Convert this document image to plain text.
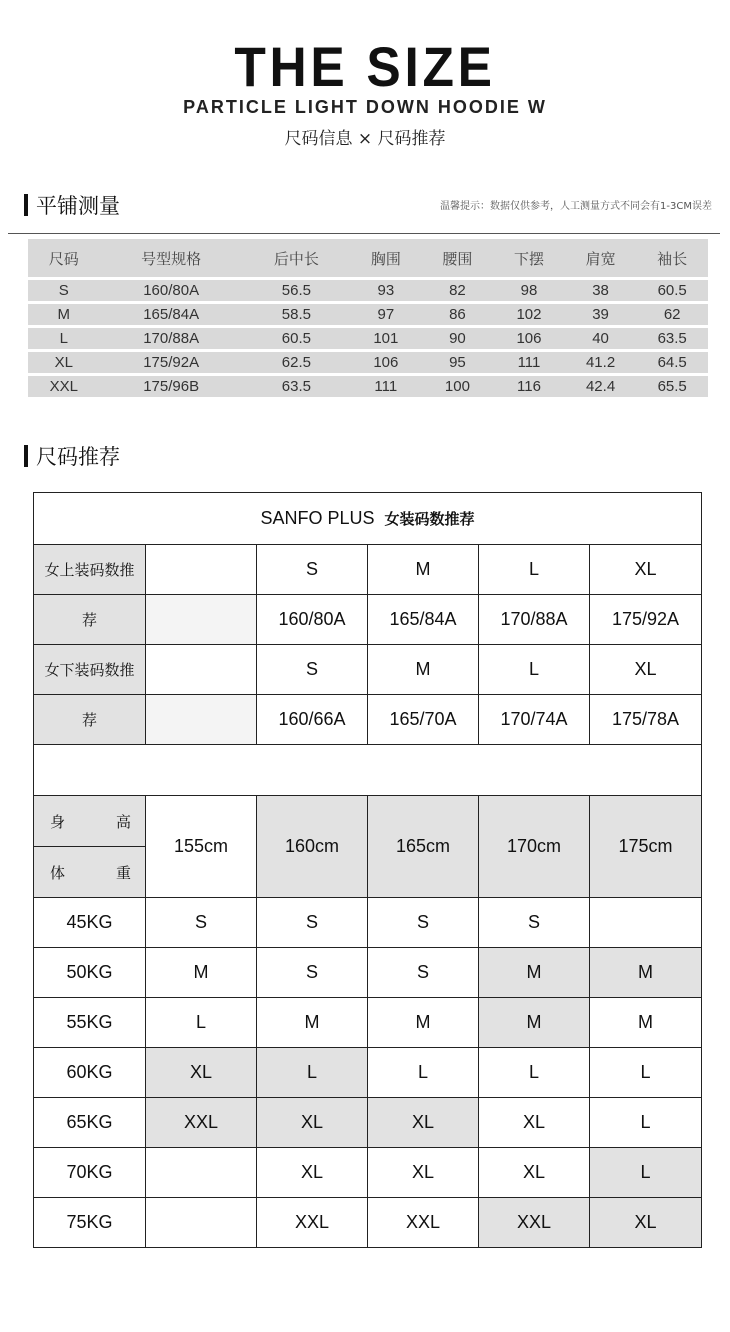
THE SIZE
PARTICLE LIGHT DOWN HOODIE W
尺码信息 × 尺码推荐
平铺测量	温馨提示：数据仅供参考，人工测量方式不同会有1-3CM误差
尺码	号型规格	后中长	胸围	腰围	下摆	肩宽	袖长
S	160/80A	56.5	93	82	98	38	60.5
M	165/84A	58.5	97	86	102	39	62
L	170/88A	60.5	101	90	106	40	63.5
XL	175/92A	62.5	106	95	111	41.2	64.5
XXL	175/96B	63.5	111	100	116	42.4	65.5
尺码推荐
SANFO PLUS 女装码数推荐					
女上装码数推		S	M	L	XL
荐		160/80A	165/84A	170/88A	175/92A
女下装码数推		S	M	L	XL
荐		160/66A	165/70A	170/74A	175/78A

身 高	155cm	160cm	165cm	170cm	175cm

体 重					

45KG	S	S	S	S	
50KG	M	S	S	M	M
55KG	L	M	M	M	M
60KG	XL	L	L	L	L
65KG	XXL	XL	XL	XL	L
70KG		XL	XL	XL	L
75KG		XXL	XXL	XXL	XL
